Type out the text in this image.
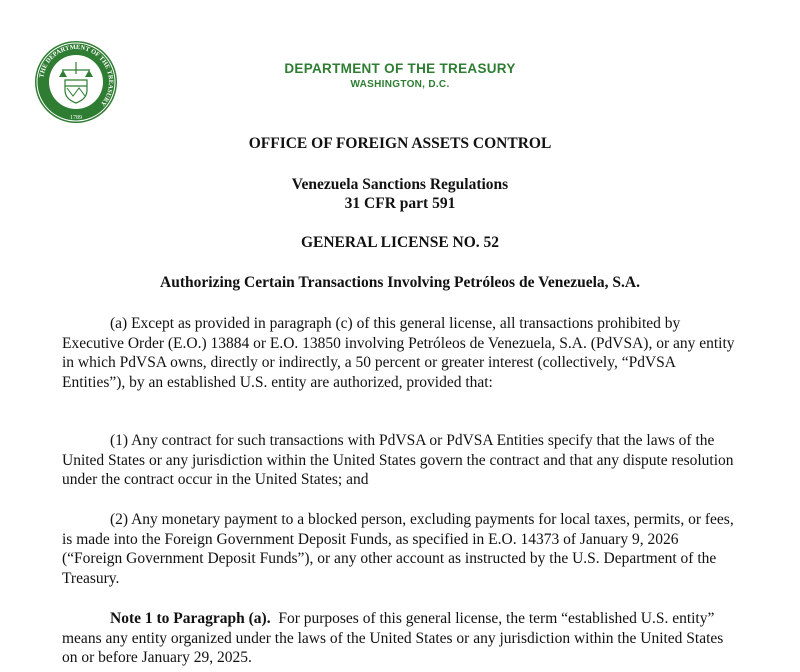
THE DEPARTMENT OF THE TREASURY
1789
DEPARTMENT OF THE TREASURY
WASHINGTON, D.C.
OFFICE OF FOREIGN ASSETS CONTROL
Venezuela Sanctions Regulations
31 CFR part 591
GENERAL LICENSE NO. 52
Authorizing Certain Transactions Involving Petróleos de Venezuela, S.A.
(a) Except as provided in paragraph (c) of this general license, all transactions prohibited by Executive Order (E.O.) 13884 or E.O. 13850 involving Petróleos de Venezuela, S.A. (PdVSA), or any entity in which PdVSA owns, directly or indirectly, a 50 percent or greater interest (collectively, “PdVSA Entities”), by an established U.S. entity are authorized, provided that:
(1) Any contract for such transactions with PdVSA or PdVSA Entities specify that the laws of the United States or any jurisdiction within the United States govern the contract and that any dispute resolution under the contract occur in the United States; and
(2) Any monetary payment to a blocked person, excluding payments for local taxes, permits, or fees, is made into the Foreign Government Deposit Funds, as specified in E.O. 14373 of January 9, 2026 (“Foreign Government Deposit Funds”), or any other account as instructed by the U.S. Department of the Treasury.
Note 1 to Paragraph (a). For purposes of this general license, the term “established U.S. entity” means any entity organized under the laws of the United States or any jurisdiction within the United States on or before January 29, 2025.
